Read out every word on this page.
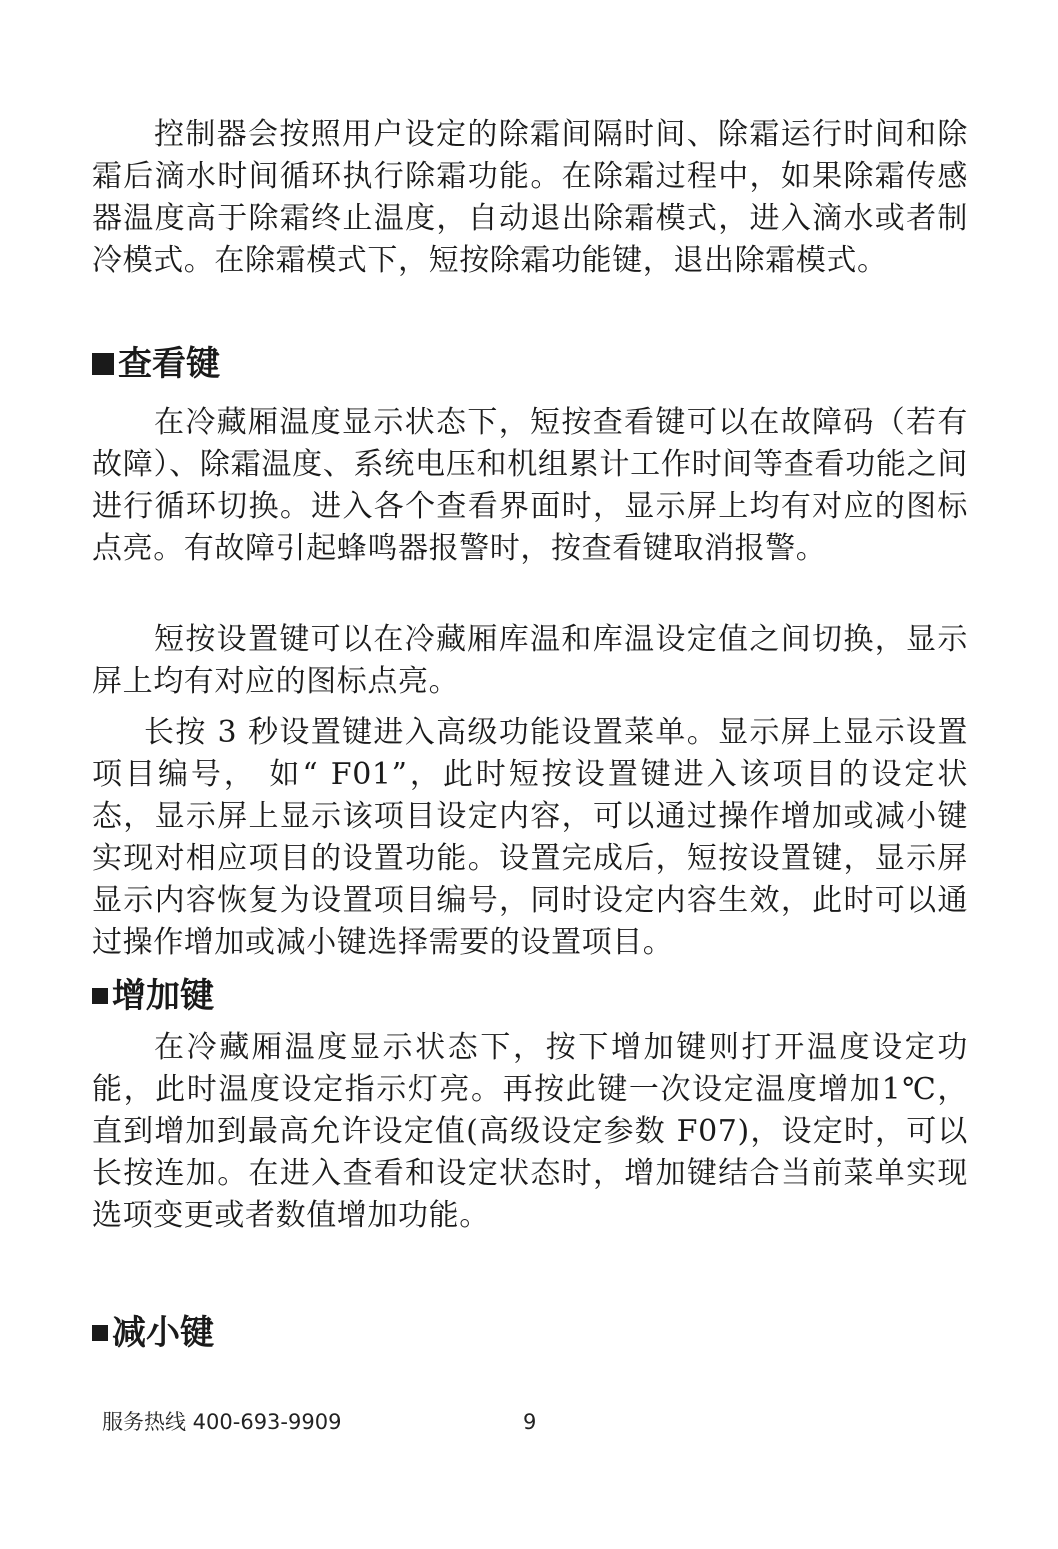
控制器会按照用户设定的除霜间隔时间、除霜运行时间和除霜后滴水时间循环执行除霜功能。在除霜过程中，如果除霜传感器温度高于除霜终止温度，自动退出除霜模式，进入滴水或者制冷模式。在除霜模式下，短按除霜功能键，退出除霜模式。

查看键

在冷藏厢温度显示状态下，短按查看键可以在故障码（若有故障）、除霜温度、系统电压和机组累计工作时间等查看功能之间进行循环切换。进入各个查看界面时，显示屏上均有对应的图标点亮。有故障引起蜂鸣器报警时，按查看键取消报警。

短按设置键可以在冷藏厢库温和库温设定值之间切换，显示屏上均有对应的图标点亮。

长按 3 秒设置键进入高级功能设置菜单。显示屏上显示设置项目编号， 如“ F01”，此时短按设置键进入该项目的设定状态，显示屏上显示该项目设定内容，可以通过操作增加或减小键实现对相应项目的设置功能。设置完成后，短按设置键，显示屏显示内容恢复为设置项目编号，同时设定内容生效，此时可以通过操作增加或减小键选择需要的设置项目。

增加键

在冷藏厢温度显示状态下，按下增加键则打开温度设定功能，此时温度设定指示灯亮。再按此键一次设定温度增加1℃，直到增加到最高允许设定值(高级设定参数 F07)，设定时，可以长按连加。在进入查看和设定状态时，增加键结合当前菜单实现选项变更或者数值增加功能。

减小键
服务热线 400-693-9909	9
